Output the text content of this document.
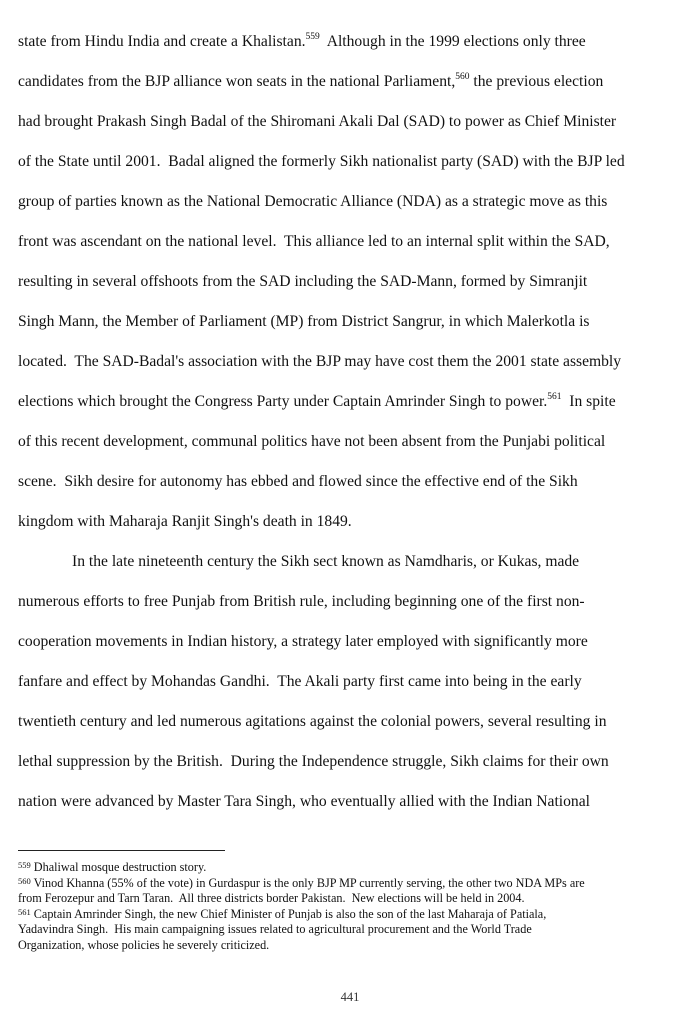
state from Hindu India and create a Khalistan.$^{559}$  Although in the 1999 elections only three
candidates from the BJP alliance won seats in the national Parliament,$^{560}$ the previous election
had brought Prakash Singh Badal of the Shiromani Akali Dal (SAD) to power as Chief Minister
of the State until 2001.  Badal aligned the formerly Sikh nationalist party (SAD) with the BJP led
group of parties known as the National Democratic Alliance (NDA) as a strategic move as this
front was ascendant on the national level.  This alliance led to an internal split within the SAD,
resulting in several offshoots from the SAD including the SAD-Mann, formed by Simranjit
Singh Mann, the Member of Parliament (MP) from District Sangrur, in which Malerkotla is
located.  The SAD-Badal's association with the BJP may have cost them the 2001 state assembly
elections which brought the Congress Party under Captain Amrinder Singh to power.$^{561}$  In spite
of this recent development, communal politics have not been absent from the Punjabi political
scene.  Sikh desire for autonomy has ebbed and flowed since the effective end of the Sikh
kingdom with Maharaja Ranjit Singh's death in 1849.
In the late nineteenth century the Sikh sect known as Namdharis, or Kukas, made
numerous efforts to free Punjab from British rule, including beginning one of the first non-
cooperation movements in Indian history, a strategy later employed with significantly more
fanfare and effect by Mohandas Gandhi.  The Akali party first came into being in the early
twentieth century and led numerous agitations against the colonial powers, several resulting in
lethal suppression by the British.  During the Independence struggle, Sikh claims for their own
nation were advanced by Master Tara Singh, who eventually allied with the Indian National
$^{559}$ Dhaliwal mosque destruction story.
$^{560}$ Vinod Khanna (55% of the vote) in Gurdaspur is the only BJP MP currently serving, the other two NDA MPs are
from Ferozepur and Tarn Taran.  All three districts border Pakistan.  New elections will be held in 2004.
$^{561}$ Captain Amrinder Singh, the new Chief Minister of Punjab is also the son of the last Maharaja of Patiala,
Yadavindra Singh.  His main campaigning issues related to agricultural procurement and the World Trade
Organization, whose policies he severely criticized.
441
